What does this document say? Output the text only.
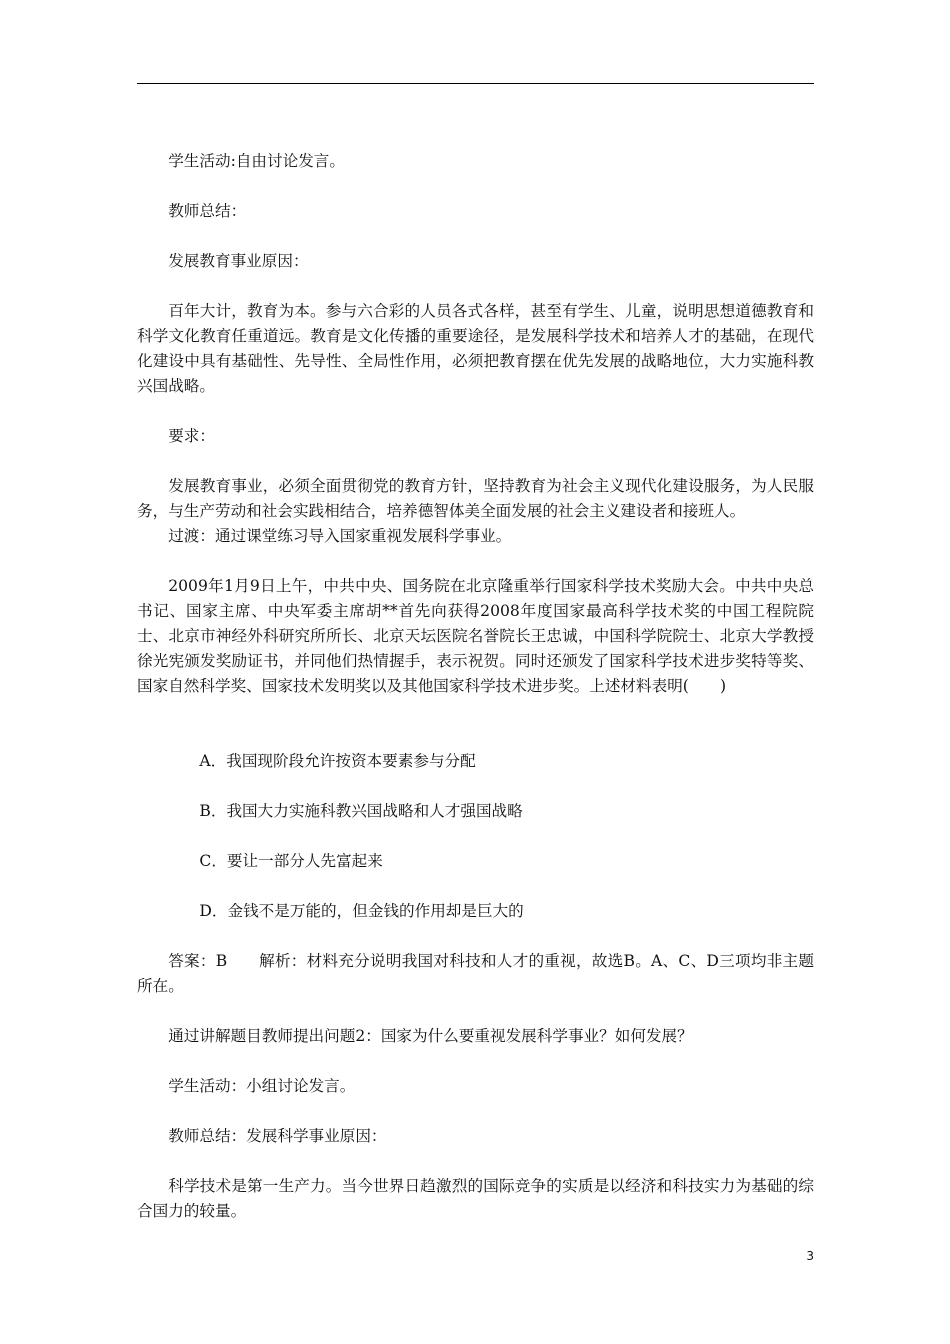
学生活动:自由讨论发言。

教师总结：

发展教育事业原因：

百年大计，教育为本。参与六合彩的人员各式各样，甚至有学生、儿童，说明思想道德教育和科学文化教育任重道远。教育是文化传播的重要途径，是发展科学技术和培养人才的基础，在现代化建设中具有基础性、先导性、全局性作用，必须把教育摆在优先发展的战略地位，大力实施科教兴国战略。

要求：

发展教育事业，必须全面贯彻党的教育方针，坚持教育为社会主义现代化建设服务，为人民服务，与生产劳动和社会实践相结合，培养德智体美全面发展的社会主义建设者和接班人。

过渡：通过课堂练习导入国家重视发展科学事业。

2009年1月9日上午，中共中央、国务院在北京隆重举行国家科学技术奖励大会。中共中央总书记、国家主席、中央军委主席胡**首先向获得2008年度国家最高科学技术奖的中国工程院院士、北京市神经外科研究所所长、北京天坛医院名誉院长王忠诚，中国科学院院士、北京大学教授徐光宪颁发奖励证书，并同他们热情握手，表示祝贺。同时还颁发了国家科学技术进步奖特等奖、国家自然科学奖、国家技术发明奖以及其他国家科学技术进步奖。上述材料表明(　　)

A．我国现阶段允许按资本要素参与分配

B．我国大力实施科教兴国战略和人才强国战略

C．要让一部分人先富起来

D．金钱不是万能的，但金钱的作用却是巨大的

答案：B　　解析：材料充分说明我国对科技和人才的重视，故选B。A、C、D三项均非主题所在。

通过讲解题目教师提出问题2：国家为什么要重视发展科学事业？如何发展？

学生活动：小组讨论发言。

教师总结：发展科学事业原因：

科学技术是第一生产力。当今世界日趋激烈的国际竞争的实质是以经济和科技实力为基础的综合国力的较量。

3
